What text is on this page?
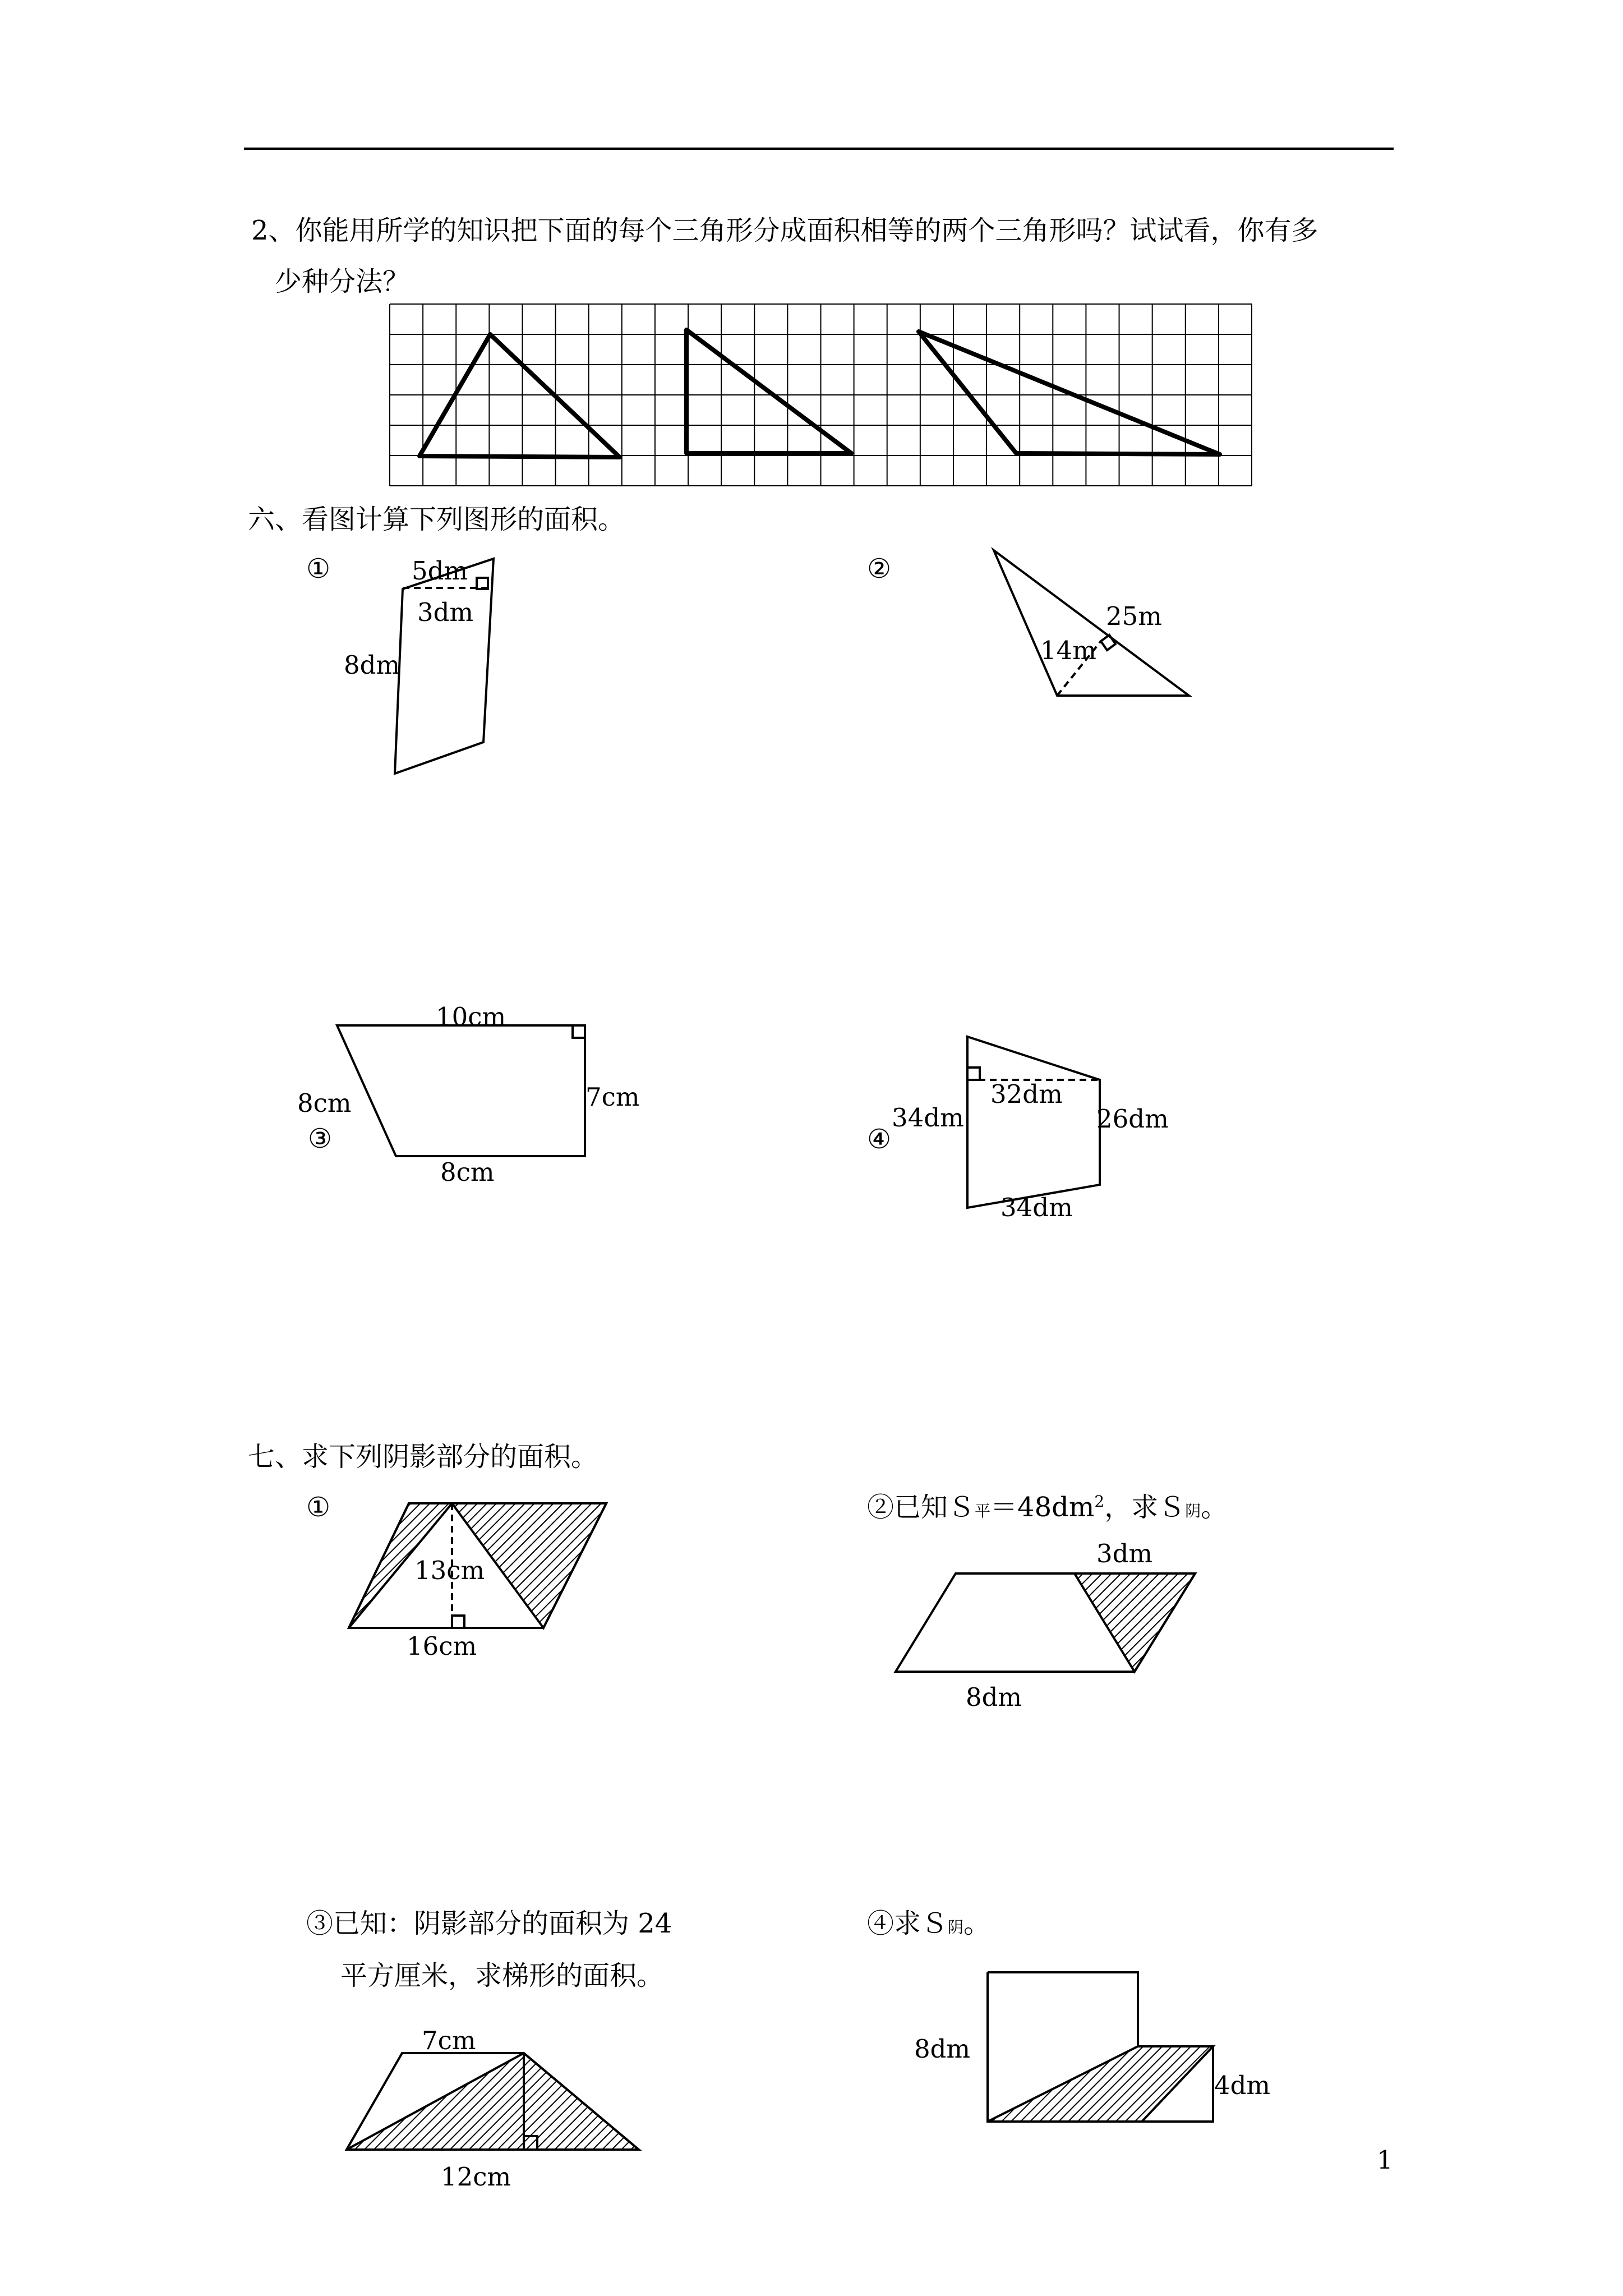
2、你能用所学的知识把下面的每个三角形分成面积相等的两个三角形吗？试试看，你有多
少种分法？
六、看图计算下列图形的面积。
①	5dm
3dm
8dm
②
25m
14m
10cm
8cm
③
7cm
8cm
32dm
34dm
④
26dm
34dm
七、求下列阴影部分的面积。
①
13cm
16cm
②已知Ｓ平$=48dm^2$，求Ｓ阴。
3dm
8dm
③已知：阴影部分的面积为 24
平方厘米，求梯形的面积。
7cm
12cm
④求Ｓ阴。
8dm
4dm
1
